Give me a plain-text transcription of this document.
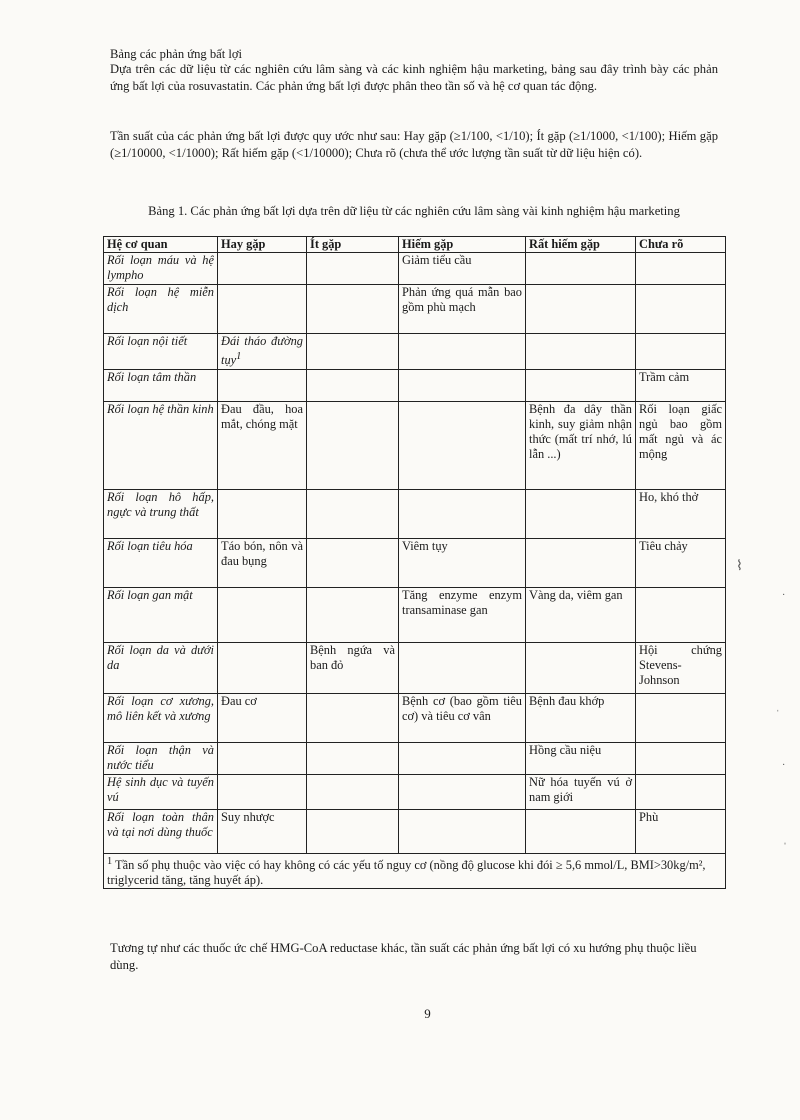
Bảng các phản ứng bất lợi
Dựa trên các dữ liệu từ các nghiên cứu lâm sàng và các kinh nghiệm hậu marketing, bảng sau đây trình bày các phản ứng bất lợi của rosuvastatin. Các phản ứng bất lợi được phân theo tần số và hệ cơ quan tác động.
Tần suất của các phản ứng bất lợi được quy ước như sau: Hay gặp (≥1/100, <1/10); Ít gặp (≥1/1000, <1/100); Hiếm gặp (≥1/10000, <1/1000); Rất hiếm gặp (<1/10000); Chưa rõ (chưa thể ước lượng tần suất từ dữ liệu hiện có).
Bảng 1. Các phản ứng bất lợi dựa trên dữ liệu từ các nghiên cứu lâm sàng vài kinh nghiệm hậu marketing
Hệ cơ quan	Hay gặp	Ít gặp	Hiếm gặp	Rất hiếm gặp	Chưa rõ
Rối loạn máu và hệ lympho			Giảm tiểu cầu		
Rối loạn hệ miễn dịch			Phản ứng quá mẫn bao gồm phù mạch		
Rối loạn nội tiết	Đái tháo đường tụy$^1$				
Rối loạn tâm thần					Trầm cảm
Rối loạn hệ thần kinh	Đau đầu, hoa mắt, chóng mặt			Bệnh đa dây thần kinh, suy giảm nhận thức (mất trí nhớ, lú lẫn ...)	Rối loạn giấc ngủ bao gồm mất ngủ và ác mộng
Rối loạn hô hấp, ngực và trung thất					Ho, khó thở
Rối loạn tiêu hóa	Táo bón, nôn và đau bụng		Viêm tụy		Tiêu chảy
Rối loạn gan mật			Tăng enzyme enzym transaminase gan	Vàng da, viêm gan	
Rối loạn da và dưới da		Bệnh ngứa và ban đỏ			Hội chứng Stevens-Johnson
Rối loạn cơ xương, mô liên kết và xương	Đau cơ		Bệnh cơ (bao gồm tiêu cơ) và tiêu cơ vân	Bệnh đau khớp	
Rối loạn thận và nước tiểu				Hồng cầu niệu	
Hệ sinh dục và tuyến vú				Nữ hóa tuyến vú ở nam giới	
Rối loạn toàn thân và tại nơi dùng thuốc	Suy nhược				Phù
$^1$ Tần số phụ thuộc vào việc có hay không có các yếu tố nguy cơ (nồng độ glucose khi đói ≥ 5,6 mmol/L, BMI>30kg/m², triglycerid tăng, tăng huyết áp).					
Tương tự như các thuốc ức chế HMG-CoA reductase khác, tần suất các phản ứng bất lợi có xu hướng phụ thuộc liều dùng.
9
⌇
·
ˌ
·
ˈ
